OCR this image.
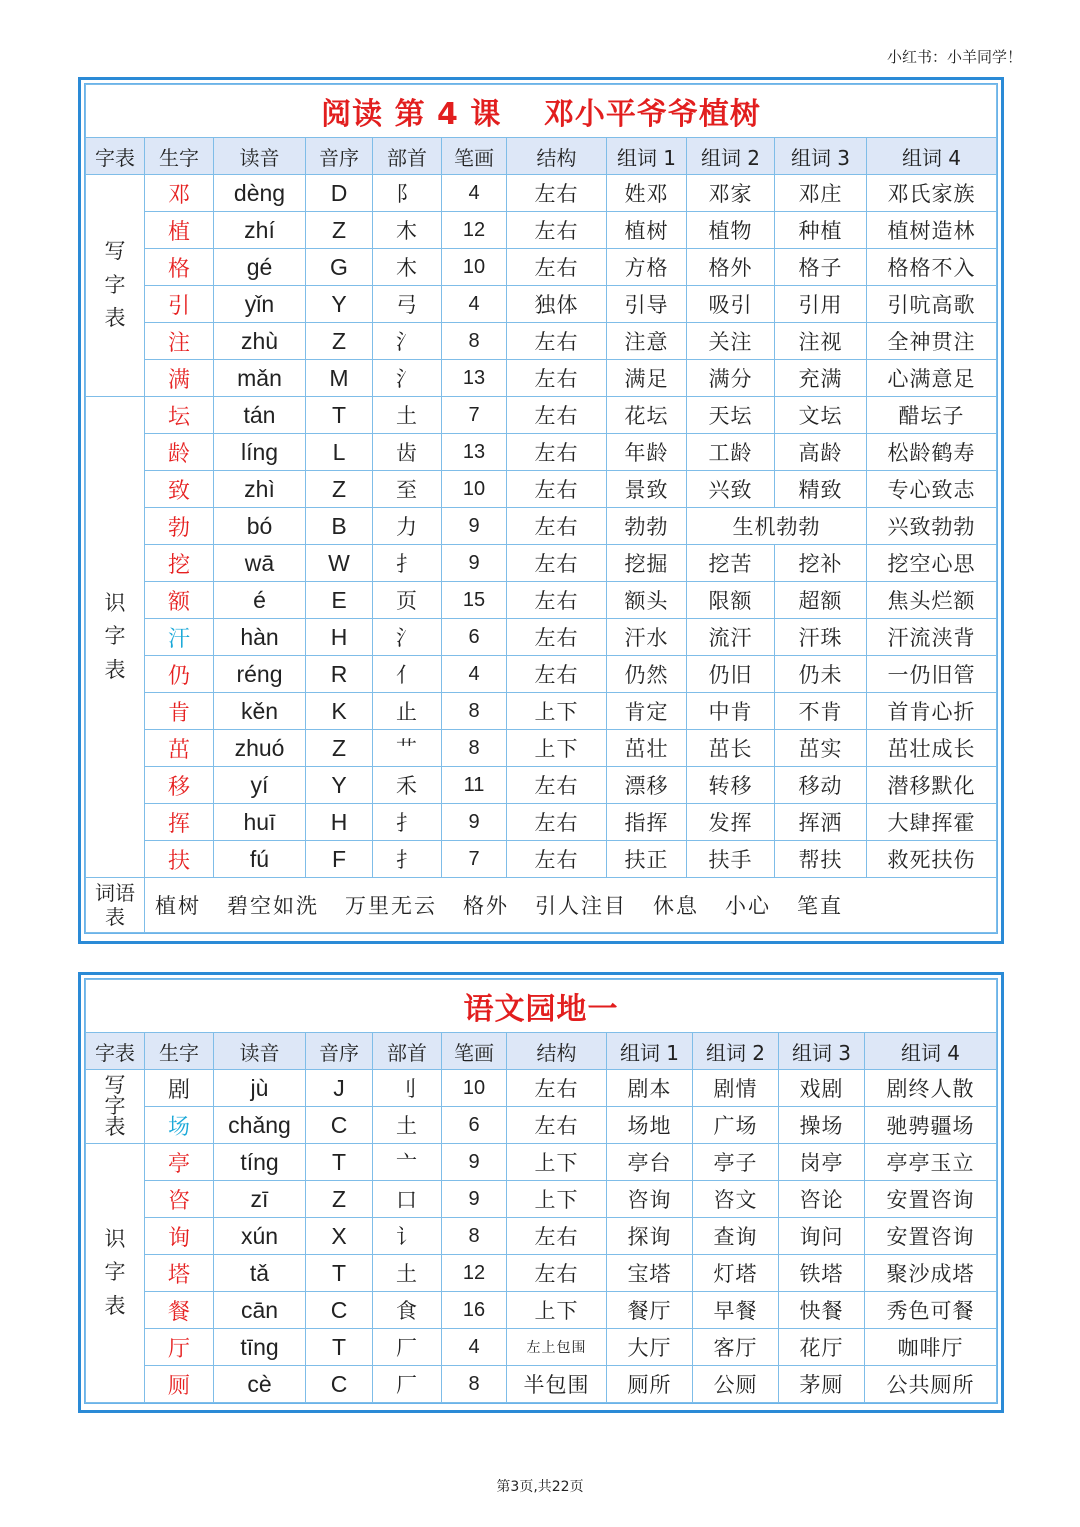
小红书：小羊同学！
阅读 第 4 课　 邓小平爷爷植树										
字表	生字	读音	音序	部首	笔画	结构	组词 1	组词 2	组词 3	组词 4
写
字
表	邓	dèng	D	阝	4	左右	姓邓	邓家	邓庄	邓氏家族
	植	zhí	Z	木	12	左右	植树	植物	种植	植树造林
	格	gé	G	木	10	左右	方格	格外	格子	格格不入
	引	yǐn	Y	弓	4	独体	引导	吸引	引用	引吭高歌
	注	zhù	Z	氵	8	左右	注意	关注	注视	全神贯注
	满	mǎn	M	氵	13	左右	满足	满分	充满	心满意足
识
字
表	坛	tán	T	土	7	左右	花坛	天坛	文坛	醋坛子
	龄	líng	L	齿	13	左右	年龄	工龄	高龄	松龄鹤寿
	致	zhì	Z	至	10	左右	景致	兴致	精致	专心致志
	勃	bó	B	力	9	左右	勃勃	生机勃勃		兴致勃勃
	挖	wā	W	扌	9	左右	挖掘	挖苦	挖补	挖空心思
	额	é	E	页	15	左右	额头	限额	超额	焦头烂额
	汗	hàn	H	氵	6	左右	汗水	流汗	汗珠	汗流浃背
	仍	réng	R	亻	4	左右	仍然	仍旧	仍未	一仍旧管
	肯	kěn	K	止	8	上下	肯定	中肯	不肯	首肯心折
	茁	zhuó	Z	艹	8	上下	茁壮	茁长	茁实	茁壮成长
	移	yí	Y	禾	11	左右	漂移	转移	移动	潜移默化
	挥	huī	H	扌	9	左右	指挥	发挥	挥洒	大肆挥霍
	扶	fú	F	扌	7	左右	扶正	扶手	帮扶	救死扶伤
词语表	植树 碧空如洗 万里无云 格外 引人注目 休息 小心 笔直									
语文园地一										
字表	生字	读音	音序	部首	笔画	结构	组词 1	组词 2	组词 3	组词 4
写
字
表	剧	jù	J	刂	10	左右	剧本	剧情	戏剧	剧终人散
	场	chǎng	C	土	6	左右	场地	广场	操场	驰骋疆场
识
字
表	亭	tíng	T	亠	9	上下	亭台	亭子	岗亭	亭亭玉立
	咨	zī	Z	口	9	上下	咨询	咨文	咨论	安置咨询
	询	xún	X	讠	8	左右	探询	查询	询问	安置咨询
	塔	tǎ	T	土	12	左右	宝塔	灯塔	铁塔	聚沙成塔
	餐	cān	C	食	16	上下	餐厅	早餐	快餐	秀色可餐
	厅	tīng	T	厂	4	左上包围	大厅	客厅	花厅	咖啡厅
	厕	cè	C	厂	8	半包围	厕所	公厕	茅厕	公共厕所
第3页,共22页
